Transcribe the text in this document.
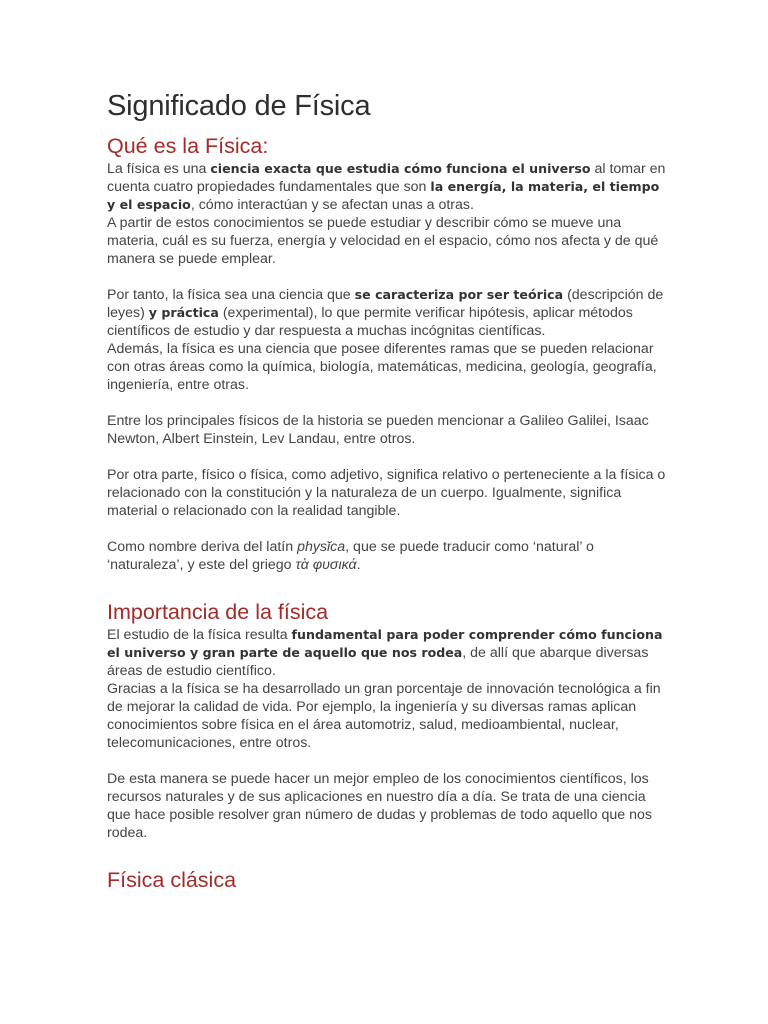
Significado de Física
Qué es la Física:

La física es una ciencia exacta que estudia cómo funciona el universo al tomar en cuenta cuatro propiedades fundamentales que son la energía, la materia, el tiempo y el espacio, cómo interactúan y se afectan unas a otras.

A partir de estos conocimientos se puede estudiar y describir cómo se mueve una materia, cuál es su fuerza, energía y velocidad en el espacio, cómo nos afecta y de qué manera se puede emplear.

Por tanto, la física sea una ciencia que se caracteriza por ser teórica (descripción de leyes) y práctica (experimental), lo que permite verificar hipótesis, aplicar métodos científicos de estudio y dar respuesta a muchas incógnitas científicas.

Además, la física es una ciencia que posee diferentes ramas que se pueden relacionar con otras áreas como la química, biología, matemáticas, medicina, geología, geografía, ingeniería, entre otras.

Entre los principales físicos de la historia se pueden mencionar a Galileo Galilei, Isaac Newton, Albert Einstein, Lev Landau, entre otros.

Por otra parte, físico o física, como adjetivo, significa relativo o perteneciente a la física o relacionado con la constitución y la naturaleza de un cuerpo. Igualmente, significa material o relacionado con la realidad tangible.

Como nombre deriva del latín physĭca, que se puede traducir como ‘natural’ o ‘naturaleza’, y este del griego τὰ φυσικά.

Importancia de la física

El estudio de la física resulta fundamental para poder comprender cómo funciona el universo y gran parte de aquello que nos rodea, de allí que abarque diversas áreas de estudio científico.

Gracias a la física se ha desarrollado un gran porcentaje de innovación tecnológica a fin de mejorar la calidad de vida. Por ejemplo, la ingeniería y su diversas ramas aplican conocimientos sobre física en el área automotriz, salud, medioambiental, nuclear, telecomunicaciones, entre otros.

De esta manera se puede hacer un mejor empleo de los conocimientos científicos, los recursos naturales y de sus aplicaciones en nuestro día a día. Se trata de una ciencia que hace posible resolver gran número de dudas y problemas de todo aquello que nos rodea.

Física clásica
